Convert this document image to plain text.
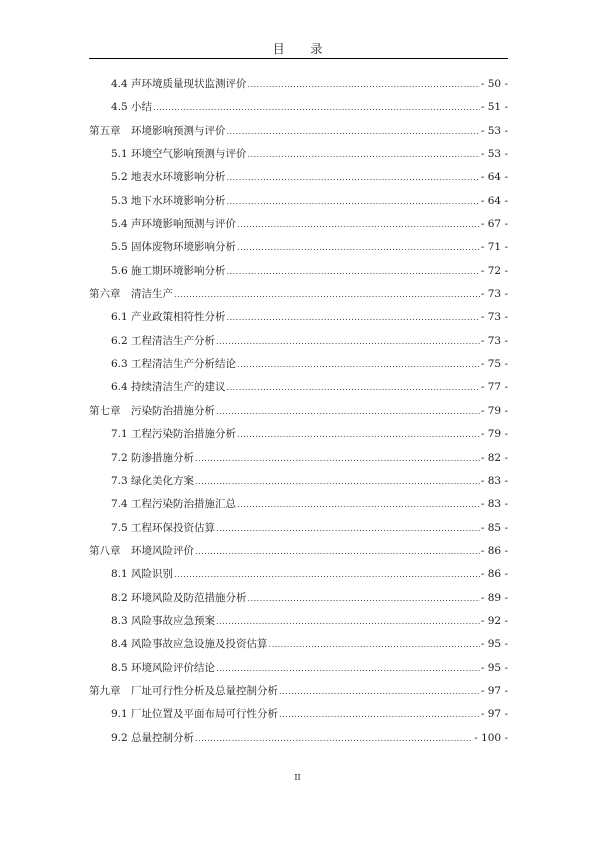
目 录
4.4 声环境质量现状监测评价 .....	- 50 -
4.5 小结 .....	- 51 -
第五章　环境影响预测与评价 .....	- 53 -
5.1 环境空气影响预测与评价 .....	- 53 -
5.2 地表水环境影响分析 .....	- 64 -
5.3 地下水环境影响分析 .....	- 64 -
5.4 声环境影响预测与评价 .....	- 67 -
5.5 固体废物环境影响分析 .....	- 71 -
5.6 施工期环境影响分析 .....	- 72 -
第六章　清洁生产 .....	- 73 -
6.1 产业政策相符性分析 .....	- 73 -
6.2 工程清洁生产分析 .....	- 73 -
6.3 工程清洁生产分析结论 .....	- 75 -
6.4 持续清洁生产的建议 .....	- 77 -
第七章　污染防治措施分析 .....	- 79 -
7.1 工程污染防治措施分析 .....	- 79 -
7.2 防渗措施分析 .....	- 82 -
7.3 绿化美化方案 .....	- 83 -
7.4 工程污染防治措施汇总 .....	- 83 -
7.5 工程环保投资估算 .....	- 85 -
第八章　环境风险评价 .....	- 86 -
8.1 风险识别 .....	- 86 -
8.2 环境风险及防范措施分析 .....	- 89 -
8.3 风险事故应急预案 .....	- 92 -
8.4 风险事故应急设施及投资估算 .....	- 95 -
8.5 环境风险评价结论 .....	- 95 -
第九章　厂址可行性分析及总量控制分析 .....	- 97 -
9.1 厂址位置及平面布局可行性分析 .....	- 97 -
9.2 总量控制分析 .....	- 100 -
II
